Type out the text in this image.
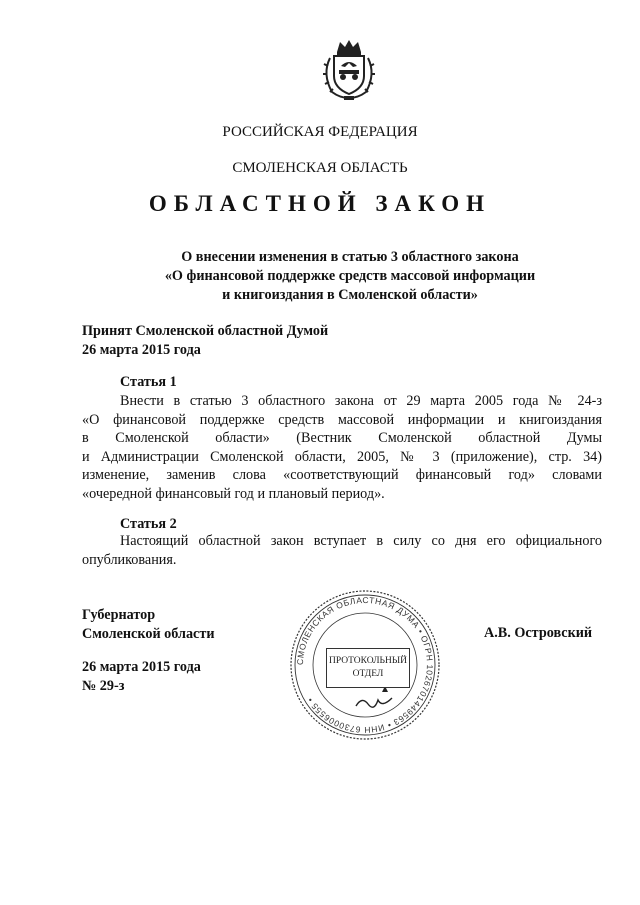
РОССИЙСКАЯ ФЕДЕРАЦИЯ
СМОЛЕНСКАЯ ОБЛАСТЬ
ОБЛАСТНОЙ ЗАКОН
О внесении изменения в статью 3 областного закона
«О финансовой поддержке средств массовой информации
и книгоиздания в Смоленской области»
Принят Смоленской областной Думой
26 марта 2015 года
Статья 1
Внести в статью 3 областного закона от 29 марта 2005 года № 24-з
«О финансовой поддержке средств массовой информации и книгоиздания
в Смоленской области» (Вестник Смоленской областной Думы
и Администрации Смоленской области, 2005, № 3 (приложение), стр. 34)
изменение, заменив слова «соответствующий финансовый год» словами
«очередной финансовый год и плановый период».
Статья 2
Настоящий областной закон вступает в силу со дня его официального
опубликования.
Губернатор
Смоленской области
СМОЛЕНСКАЯ ОБЛАСТНАЯ ДУМА • ОГРН 1026701449563 • ИНН 6730006555 •
ПРОТОКОЛЬНЫЙ
ОТДЕЛ
А.В. Островский
26 марта 2015 года
№ 29-з
